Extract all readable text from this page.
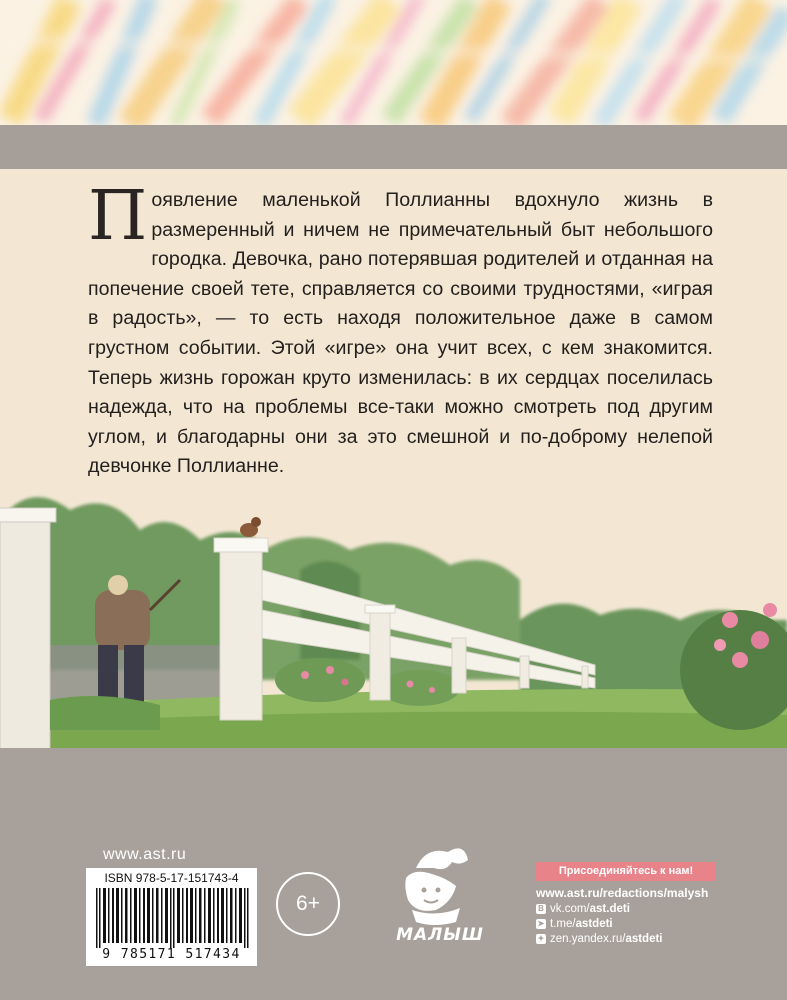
Появление маленькой Поллианны вдохнуло жизнь в размеренный и ничем не примечательный быт небольшого городка. Девочка, рано потерявшая родителей и отданная на попечение своей тете, справляется со своими трудностями, «играя в радость», — то есть находя положительное даже в самом грустном событии. Этой «игре» она учит всех, с кем знакомится. Теперь жизнь горожан круто изменилась: в их сердцах поселилась надежда, что на проблемы все-таки можно смотреть под другим углом, и благодарны они за это смешной и по-доброму нелепой девчонке Поллианне.
www.ast.ru
ISBN 978-5-17-151743-4
9 785171 517434
6+
МАЛЫШ
Присоединяйтесь к нам!
www.ast.ru/redactions/malysh
В vk.com/ ast.deti
➤ t.me/ astdeti
✦ zen.yandex.ru/ astdeti
